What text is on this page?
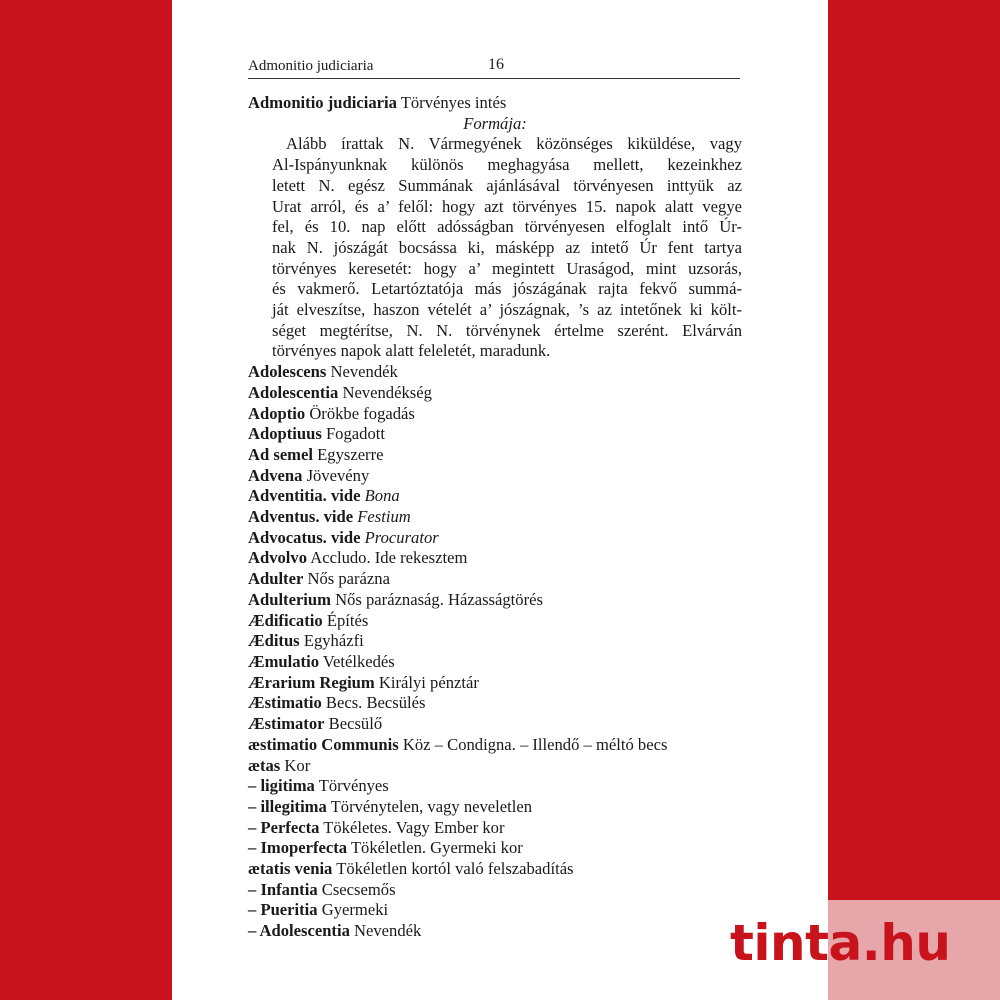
Admonitio judiciaria	16
Admonitio judiciaria Törvényes intés
Formája:
Alább írattak N. Vármegyének közönséges kiküldése, vagy
Al-Ispányunknak különös meghagyása mellett, kezeinkhez
letett N. egész Summának ajánlásával törvényesen inttyük az
Urat arról, és a’ felől: hogy azt törvényes 15. napok alatt vegye
fel, és 10. nap előtt adósságban törvényesen elfoglalt intő Úr-
nak N. jószágát bocsássa ki, másképp az intető Úr fent tartya
törvényes keresetét: hogy a’ megintett Uraságod, mint uzsorás,
és vakmerő. Letartóztatója más jószágának rajta fekvő summá-
ját elveszítse, haszon vételét a’ jószágnak, ’s az intetőnek ki költ-
séget megtérítse, N. N. törvénynek értelme szerént. Elvárván
törvényes napok alatt feleletét, maradunk.
Adolescens Nevendék
Adolescentia Nevendékség
Adoptio Örökbe fogadás
Adoptiuus Fogadott
Ad semel Egyszerre
Advena Jövevény
Adventitia. vide Bona
Adventus. vide Festium
Advocatus. vide Procurator
Advolvo Accludo. Ide rekesztem
Adulter Nős parázna
Adulterium Nős paráznaság. Házasságtörés
Ædificatio Építés
Æditus Egyházfi
Æmulatio Vetélkedés
Ærarium Regium Királyi pénztár
Æstimatio Becs. Becsülés
Æstimator Becsülő
æstimatio Communis Köz – Condigna. – Illendő – méltó becs
ætas Kor
– ligitima Törvényes
– illegitima Törvénytelen, vagy neveletlen
– Perfecta Tökéletes. Vagy Ember kor
– Imoperfecta Tökéletlen. Gyermeki kor
ætatis venia Tökéletlen kortól való felszabadítás
– Infantia Csecsemős
– Pueritia Gyermeki
– Adolescentia Nevendék	tinta.hu
